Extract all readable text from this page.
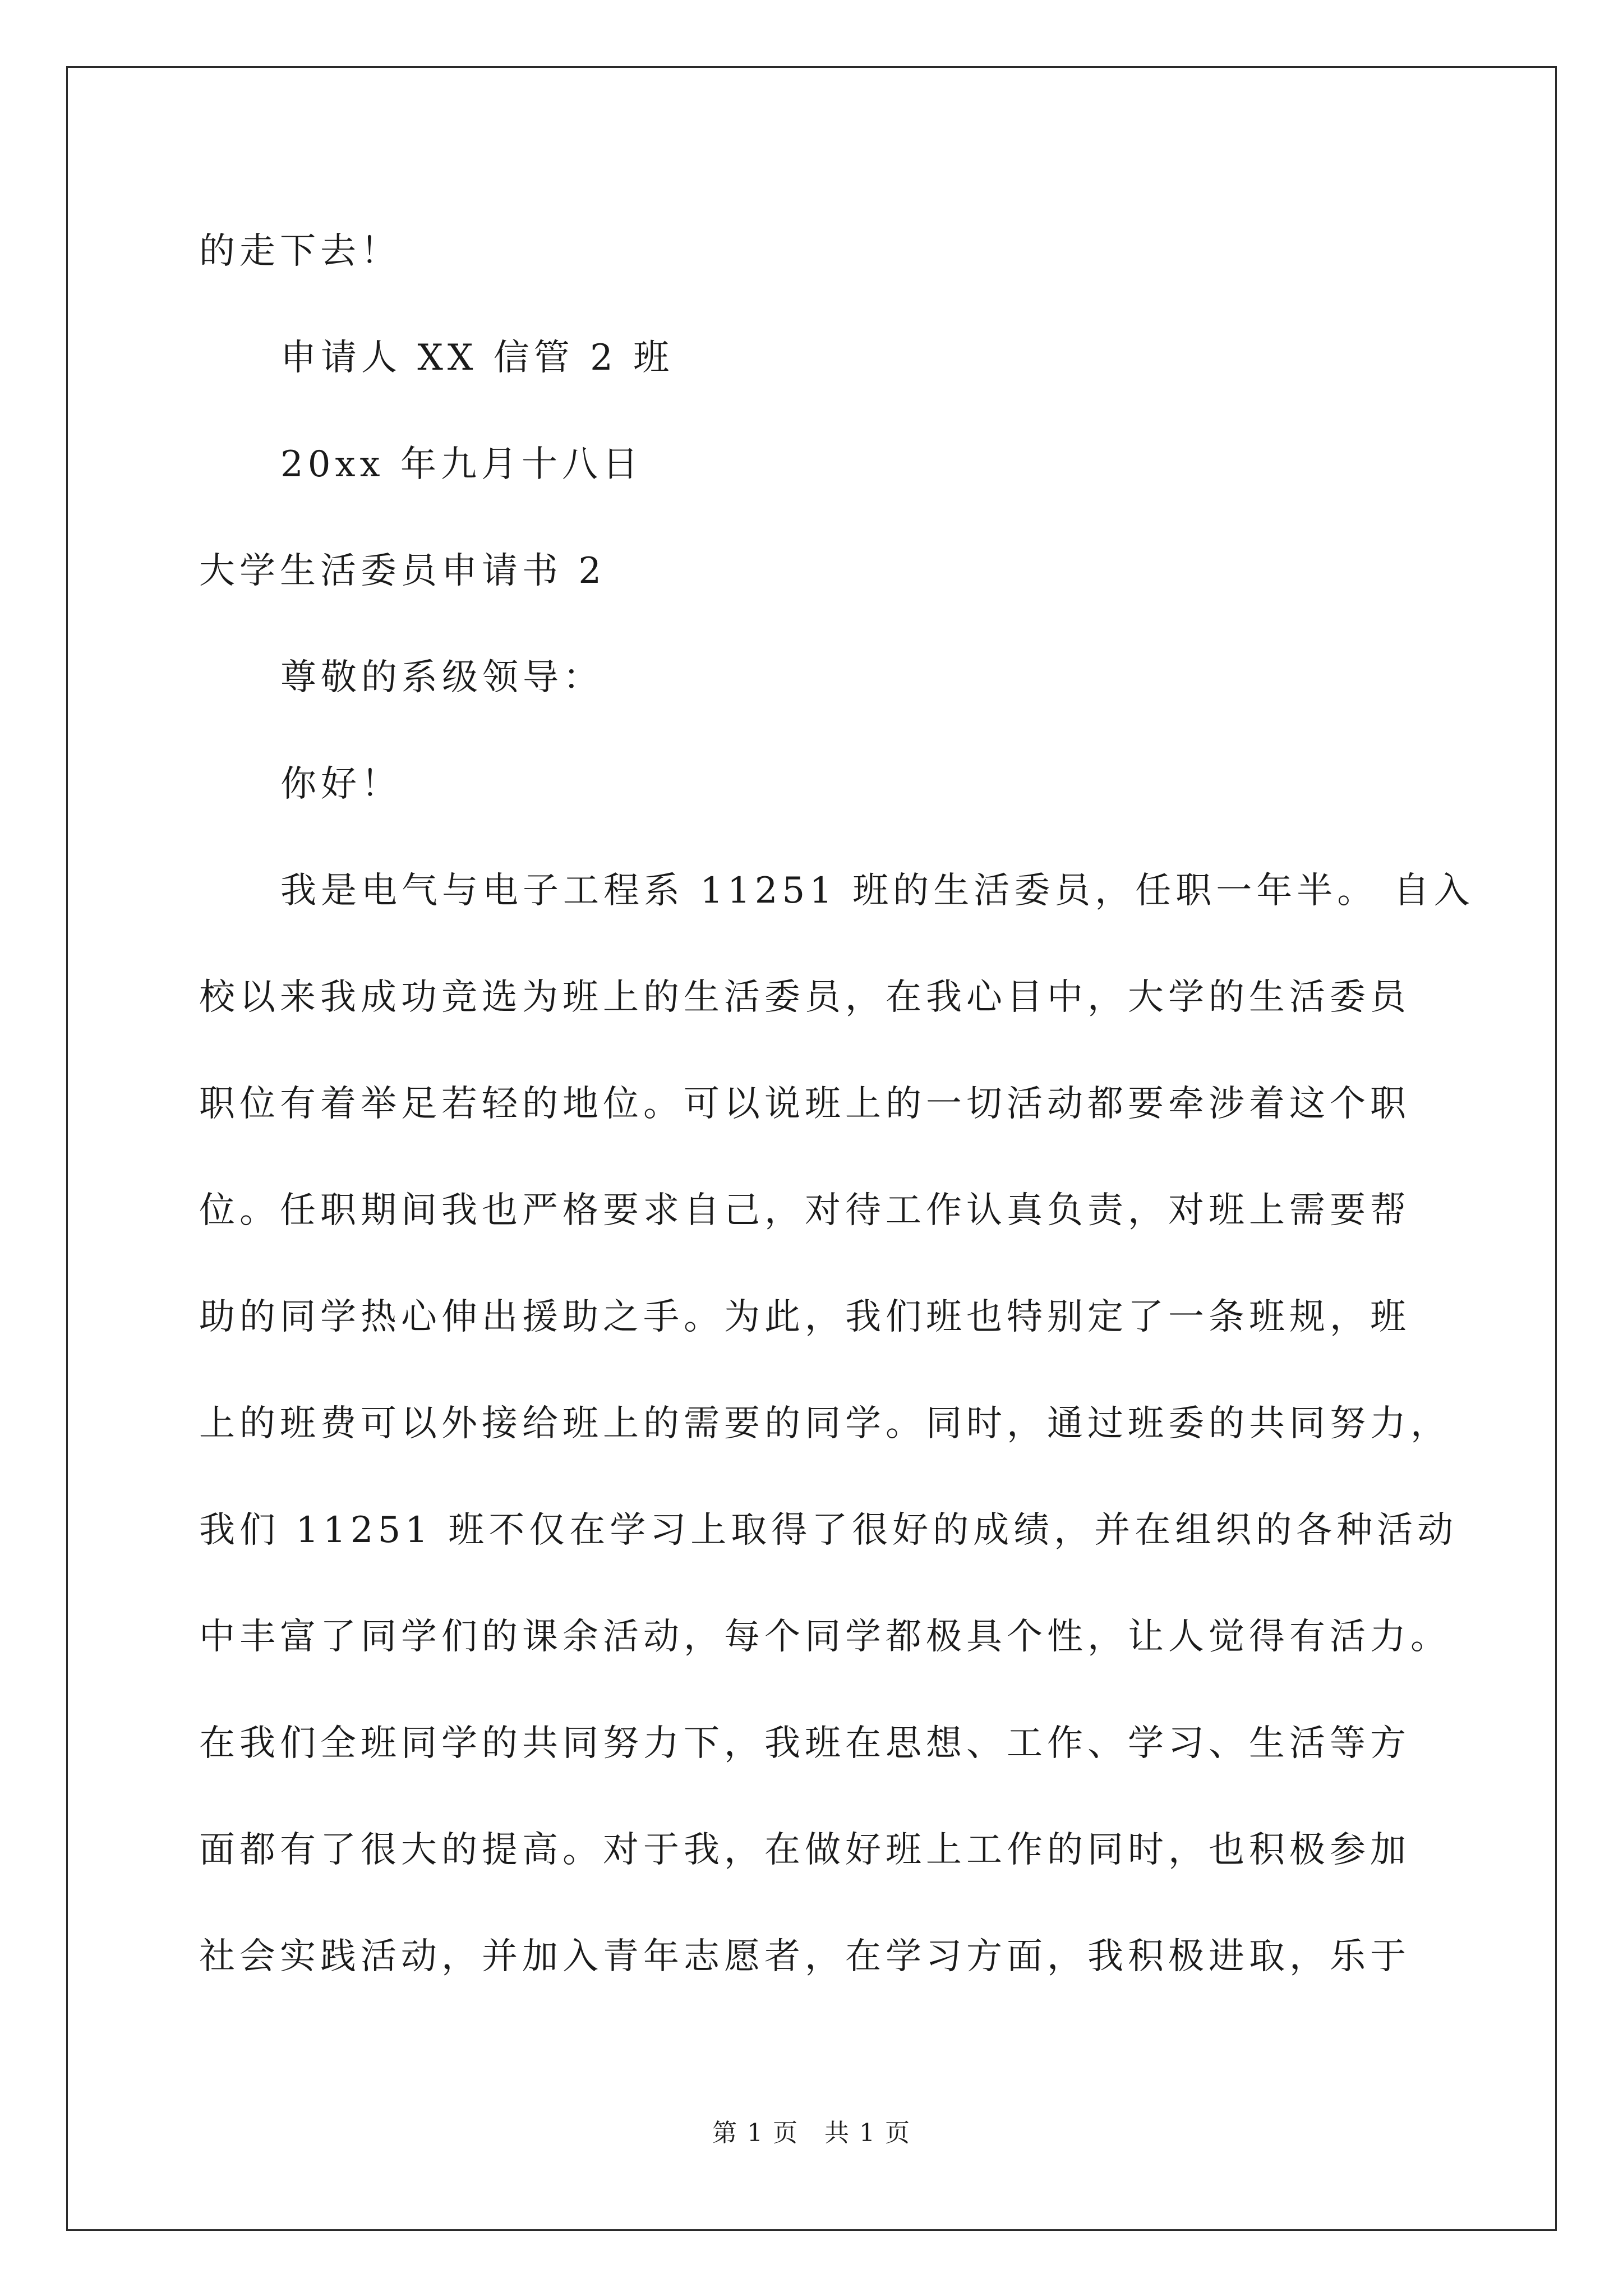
的走下去！
申请人 XX 信管 2 班
20xx 年九月十八日
大学生活委员申请书 2
尊敬的系级领导：
你好！
我是电气与电子工程系 11251 班的生活委员，任职一年半。 自入
校以来我成功竞选为班上的生活委员，在我心目中，大学的生活委员
职位有着举足若轻的地位。可以说班上的一切活动都要牵涉着这个职
位。任职期间我也严格要求自己，对待工作认真负责，对班上需要帮
助的同学热心伸出援助之手。为此，我们班也特别定了一条班规，班
上的班费可以外接给班上的需要的同学。同时，通过班委的共同努力，
我们 11251 班不仅在学习上取得了很好的成绩，并在组织的各种活动
中丰富了同学们的课余活动，每个同学都极具个性，让人觉得有活力。
在我们全班同学的共同努力下，我班在思想、工作、学习、生活等方
面都有了很大的提高。对于我，在做好班上工作的同时，也积极参加
社会实践活动，并加入青年志愿者，在学习方面，我积极进取，乐于
第 1 页　共 1 页
